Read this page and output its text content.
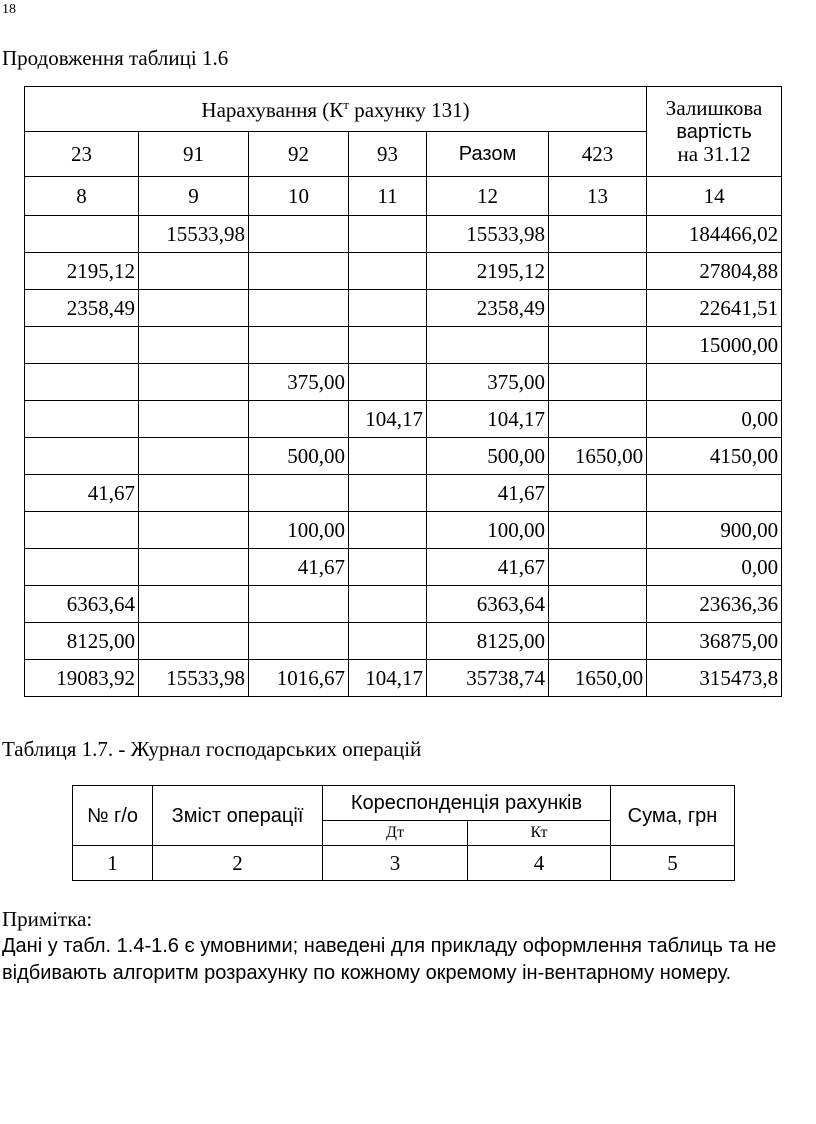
18
Продовження таблиці 1.6
Нарахування ($К^т$ рахунку 131)						Залишкова
вартість
на 31.12

23	91	92	93	Разом	423	
8	9	10	11	12	13	14
	15533,98			15533,98		184466,02
2195,12				2195,12		27804,88
2358,49				2358,49		22641,51
						15000,00
		375,00		375,00		
			104,17	104,17		0,00
		500,00		500,00	1650,00	4150,00
41,67				41,67		
		100,00		100,00		900,00
		41,67		41,67		0,00
6363,64				6363,64		23636,36
8125,00				8125,00		36875,00
19083,92	15533,98	1016,67	104,17	35738,74	1650,00	315473,8
Таблиця 1.7. - Журнал господарських операцій
№ г/о	Зміст операції	Кореспонденція рахунків		Сума, грн
		Дт	Кт	
1	2	3	4	5
Примітка:
Дані у табл. 1.4-1.6 є умовними; наведені для прикладу оформлення таблиць та не відбивають алгоритм розрахунку по кожному окремому ін-вентарному номеру.
